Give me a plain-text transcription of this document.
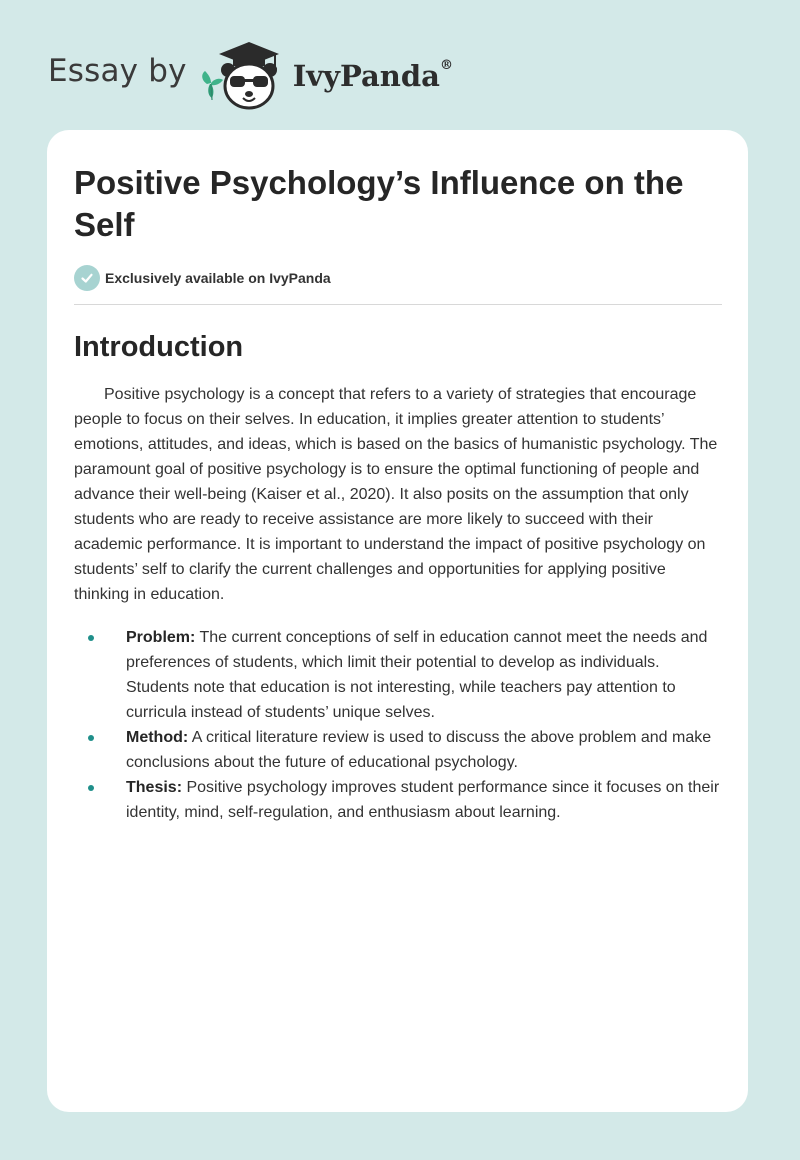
Essay by	IvyPanda®
Positive Psychology’s Influence on the Self
Exclusively available on IvyPanda
Introduction

Positive psychology is a concept that refers to a variety of strategies that encourage people to focus on their selves. In education, it implies greater attention to students’ emotions, attitudes, and ideas, which is based on the basics of humanistic psychology. The paramount goal of positive psychology is to ensure the optimal functioning of people and advance their well-being (Kaiser et al., 2020). It also posits on the assumption that only students who are ready to receive assistance are more likely to succeed with their academic performance. It is important to understand the impact of positive psychology on students’ self to clarify the current challenges and opportunities for applying positive thinking in education.

Problem: The current conceptions of self in education cannot meet the needs and preferences of students, which limit their potential to develop as individuals. Students note that education is not interesting, while teachers pay attention to curricula instead of students’ unique selves.
Method: A critical literature review is used to discuss the above problem and make conclusions about the future of educational psychology.
Thesis: Positive psychology improves student performance since it focuses on their identity, mind, self-regulation, and enthusiasm about learning.
